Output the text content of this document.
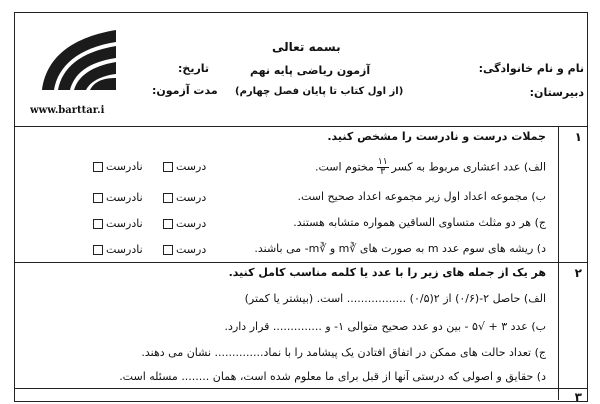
www.barttar.i
بسمه تعالی
آزمون ریاضی پایه نهم
(از اول کتاب تا پایان فصل چهارم)
نام و نام خانوادگی:
دبیرستان:
تاریخ:
مدت آزمون:
۱
جملات درست و نادرست را مشخص کنید.
الف) عدد اعشاری مربوط به کسر
$\frac{۱۱}{۳}$
مختوم است.
ب) مجموعه اعداد اول زیر مجموعه اعداد صحیح است.
ج) هر دو مثلث متساوی الساقین همواره متشابه هستند.
د) ریشه های سوم عدد m به صورت های ∛m و ∛m- می باشند.
درست
نادرست
درست
نادرست
درست
نادرست
درست
نادرست
۲
هر یک از جمله های زیر را با عدد یا کلمه مناسب کامل کنید.
الف) حاصل ۲-(۰/۶) از ۲(۰/۵) ................. است. (بیشتر یا کمتر)
ب) عدد ۳ + √۵ - بین دو عدد صحیح متوالی ۱- و .............. قرار دارد.
ج) تعداد حالت های ممکن در اتفاق افتادن یک پیشامد را با نماد.............. نشان می دهند.
د) حقایق و اصولی که درستی آنها از قبل برای ما معلوم شده است، همان ........ مسئله است.
۳
